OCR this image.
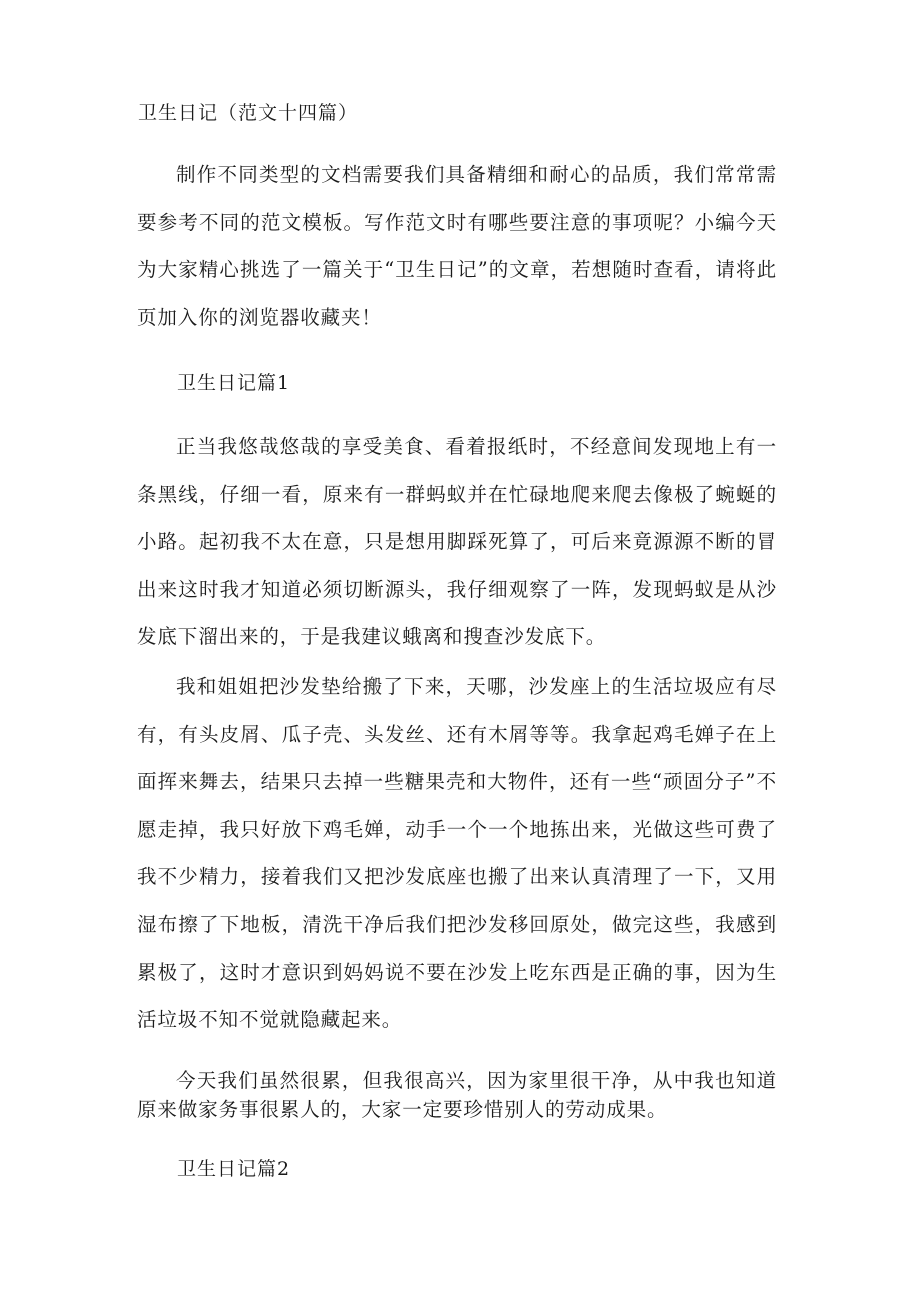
卫生日记（范文十四篇）

制作不同类型的文档需要我们具备精细和耐心的品质，我们常常需要参考不同的范文模板。写作范文时有哪些要注意的事项呢？小编今天为大家精心挑选了一篇关于“卫生日记”的文章，若想随时查看，请将此页加入你的浏览器收藏夹！

卫生日记篇1

正当我悠哉悠哉的享受美食、看着报纸时，不经意间发现地上有一条黑线，仔细一看，原来有一群蚂蚁并在忙碌地爬来爬去像极了蜿蜒的小路。起初我不太在意，只是想用脚踩死算了，可后来竟源源不断的冒出来这时我才知道必须切断源头，我仔细观察了一阵，发现蚂蚁是从沙发底下溜出来的，于是我建议蛾离和搜查沙发底下。

我和姐姐把沙发垫给搬了下来，天哪，沙发座上的生活垃圾应有尽有，有头皮屑、瓜子壳、头发丝、还有木屑等等。我拿起鸡毛婵子在上面挥来舞去，结果只去掉一些糖果壳和大物件，还有一些“顽固分子”不愿走掉，我只好放下鸡毛婵，动手一个一个地拣出来，光做这些可费了我不少精力，接着我们又把沙发底座也搬了出来认真清理了一下，又用湿布擦了下地板，清洗干净后我们把沙发移回原处，做完这些，我感到累极了，这时才意识到妈妈说不要在沙发上吃东西是正确的事，因为生活垃圾不知不觉就隐藏起来。

今天我们虽然很累，但我很高兴，因为家里很干净，从中我也知道原来做家务事很累人的，大家一定要珍惜别人的劳动成果。

卫生日记篇2
